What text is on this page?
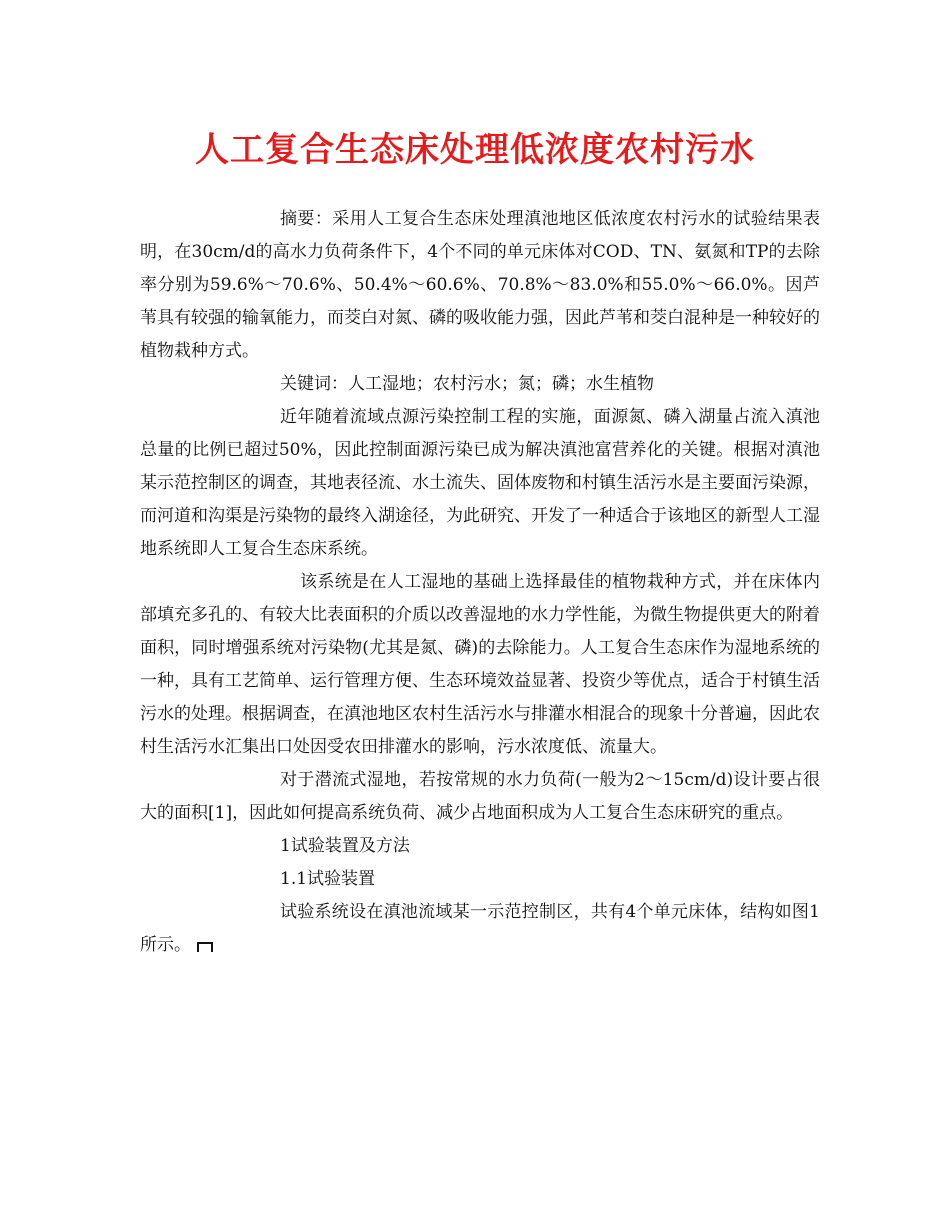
人工复合生态床处理低浓度农村污水

摘要：采用人工复合生态床处理滇池地区低浓度农村污水的试验结果表明，在30cm/d的高水力负荷条件下，4个不同的单元床体对COD、TN、氨氮和TP的去除率分别为59.6%～70.6%、50.4%～60.6%、70.8%～83.0%和55.0%～66.0%。因芦苇具有较强的输氧能力，而茭白对氮、磷的吸收能力强，因此芦苇和茭白混种是一种较好的植物栽种方式。

关键词：人工湿地；农村污水；氮；磷；水生植物

近年随着流域点源污染控制工程的实施，面源氮、磷入湖量占流入滇池总量的比例已超过50%，因此控制面源污染已成为解决滇池富营养化的关键。根据对滇池某示范控制区的调查，其地表径流、水土流失、固体废物和村镇生活污水是主要面污染源，而河道和沟渠是污染物的最终入湖途径，为此研究、开发了一种适合于该地区的新型人工湿地系统即人工复合生态床系统。

该系统是在人工湿地的基础上选择最佳的植物栽种方式，并在床体内部填充多孔的、有较大比表面积的介质以改善湿地的水力学性能，为微生物提供更大的附着面积，同时增强系统对污染物(尤其是氮、磷)的去除能力。人工复合生态床作为湿地系统的一种，具有工艺简单、运行管理方便、生态环境效益显著、投资少等优点，适合于村镇生活污水的处理。根据调查，在滇池地区农村生活污水与排灌水相混合的现象十分普遍，因此农村生活污水汇集出口处因受农田排灌水的影响，污水浓度低、流量大。

对于潜流式湿地，若按常规的水力负荷(一般为2～15cm/d)设计要占很大的面积[1]，因此如何提高系统负荷、减少占地面积成为人工复合生态床研究的重点。

1试验装置及方法

1.1试验装置

试验系统设在滇池流域某一示范控制区，共有4个单元床体，结构如图1所示。
